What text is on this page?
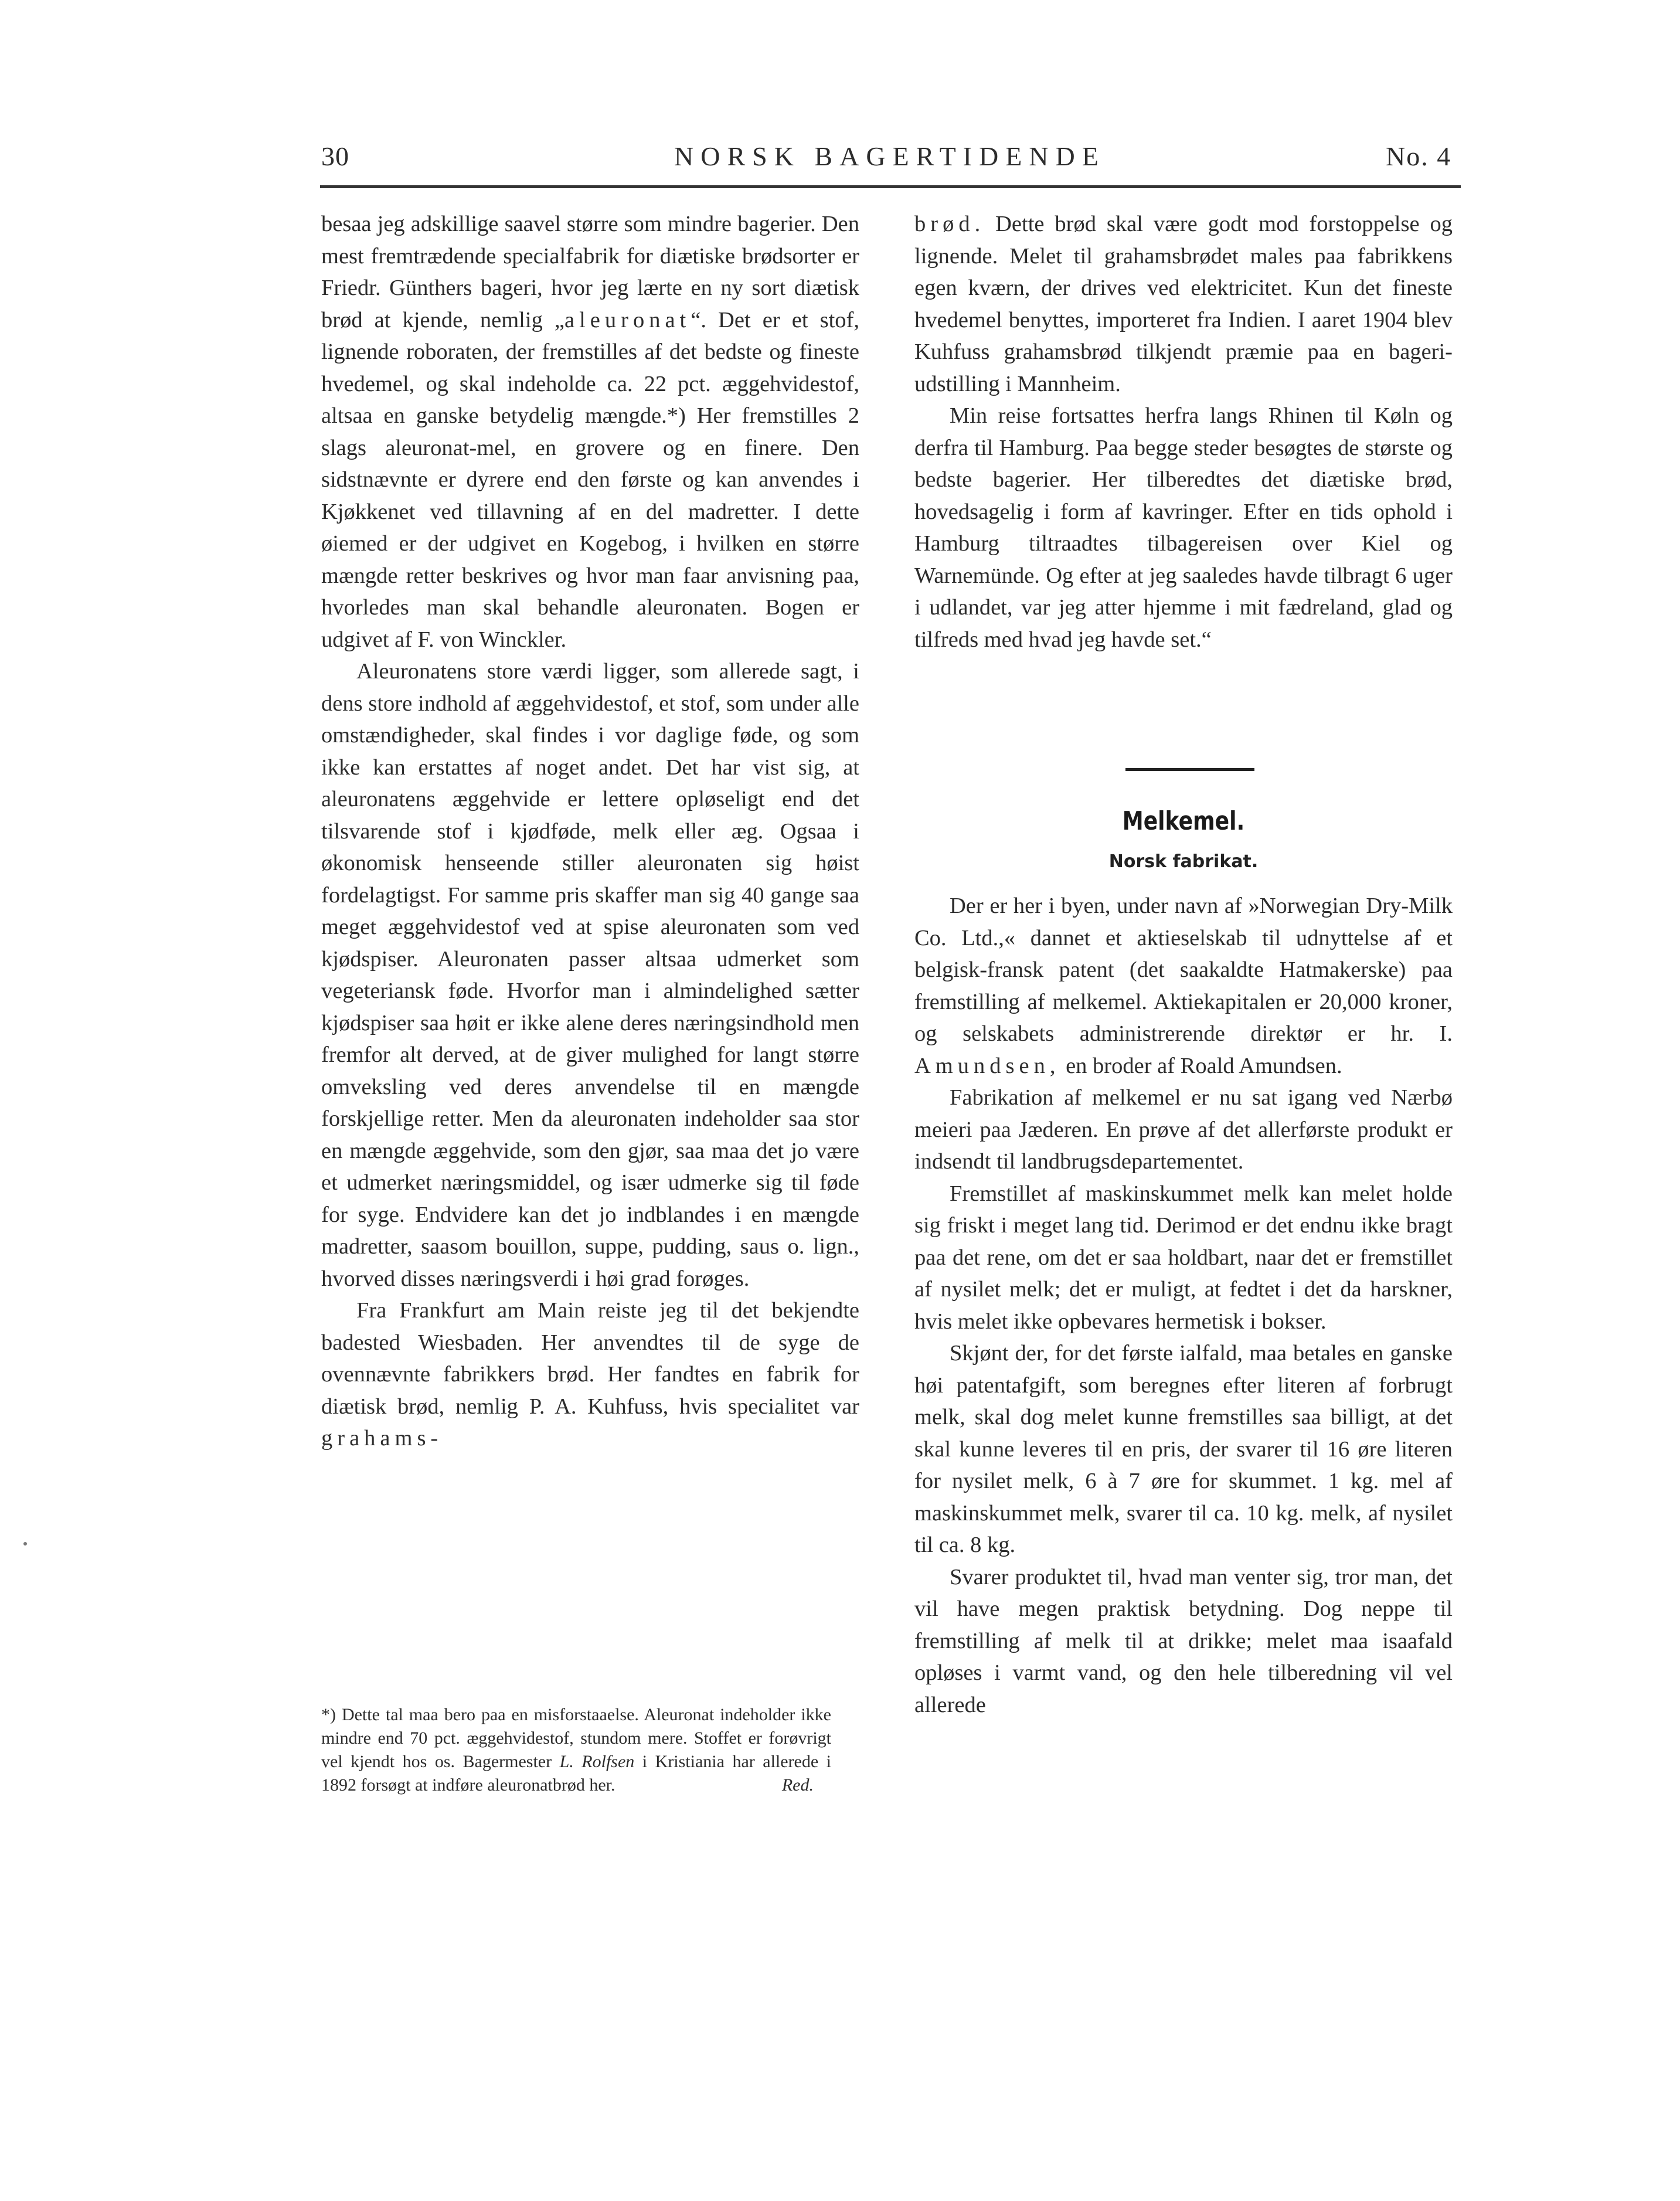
30	NORSK BAGERTIDENDE	No. 4

besaa jeg adskillige saavel større som mindre bagerier. Den mest fremtrædende specialfabrik for diætiske brødsorter er Friedr. Günthers bageri, hvor jeg lærte en ny sort diætisk brød at kjende, nemlig „aleuronat“. Det er et stof, lignende roboraten, der fremstilles af det bedste og fineste hvedemel, og skal indeholde ca. 22 pct. æggehvidestof, altsaa en ganske betydelig mængde.*) Her fremstilles 2 slags aleuronat-mel, en grovere og en finere. Den sidstnævnte er dyrere end den første og kan anvendes i Kjøkkenet ved tillavning af en del madretter. I dette øiemed er der udgivet en Kogebog, i hvilken en større mængde retter beskrives og hvor man faar anvisning paa, hvorledes man skal behandle aleuronaten. Bogen er udgivet af F. von Winckler.

Aleuronatens store værdi ligger, som allerede sagt, i dens store indhold af æggehvidestof, et stof, som under alle omstændigheder, skal findes i vor daglige føde, og som ikke kan erstattes af noget andet. Det har vist sig, at aleuronatens æggehvide er lettere opløseligt end det tilsvarende stof i kjødføde, melk eller æg. Ogsaa i økonomisk henseende stiller aleuronaten sig høist fordelagtigst. For samme pris skaffer man sig 40 gange saa meget æggehvidestof ved at spise aleuronaten som ved kjødspiser. Aleuronaten passer altsaa udmerket som vegeteriansk føde. Hvorfor man i almindelighed sætter kjødspiser saa høit er ikke alene deres næringsindhold men fremfor alt derved, at de giver mulighed for langt større omveksling ved deres anvendelse til en mængde forskjellige retter. Men da aleuronaten indeholder saa stor en mængde æggehvide, som den gjør, saa maa det jo være et udmerket næringsmiddel, og især udmerke sig til føde for syge. Endvidere kan det jo indblandes i en mængde madretter, saasom bouillon, suppe, pudding, saus o. lign., hvorved disses næringsverdi i høi grad forøges.

Fra Frankfurt am Main reiste jeg til det bekjendte badested Wiesbaden. Her anvendtes til de syge de ovennævnte fabrikkers brød. Her fandtes en fabrik for diætisk brød, nemlig P. A. Kuhfuss, hvis specialitet var grahams-

*) Dette tal maa bero paa en misforstaaelse. Aleuronat indeholder ikke mindre end 70 pct. æggehvidestof, stundom mere. Stoffet er forøvrigt vel kjendt hos os. Bagermester L. Rolfsen i Kristiania har allerede i 1892 forsøgt at indføre aleuronatbrød her.	Red.

brød. Dette brød skal være godt mod forstoppelse og lignende. Melet til grahamsbrødet males paa fabrikkens egen kværn, der drives ved elektricitet. Kun det fineste hvedemel benyttes, importeret fra Indien. I aaret 1904 blev Kuhfuss grahamsbrød tilkjendt præmie paa en bageri-udstilling i Mannheim.

Min reise fortsattes herfra langs Rhinen til Køln og derfra til Hamburg. Paa begge steder besøgtes de største og bedste bagerier. Her tilberedtes det diætiske brød, hovedsagelig i form af kavringer. Efter en tids ophold i Hamburg tiltraadtes tilbagereisen over Kiel og Warnemünde. Og efter at jeg saaledes havde tilbragt 6 uger i udlandet, var jeg atter hjemme i mit fædreland, glad og tilfreds med hvad jeg havde set.“

Melkemel.
Norsk fabrikat.

Der er her i byen, under navn af »Norwegian Dry-Milk Co. Ltd.,« dannet et aktieselskab til udnyttelse af et belgisk-fransk patent (det saakaldte Hatmakerske) paa fremstilling af melkemel. Aktiekapitalen er 20,000 kroner, og selskabets administrerende direktør er hr. I. Amundsen, en broder af Roald Amundsen.

Fabrikation af melkemel er nu sat igang ved Nærbø meieri paa Jæderen. En prøve af det allerførste produkt er indsendt til landbrugsdepartementet.

Fremstillet af maskinskummet melk kan melet holde sig friskt i meget lang tid. Derimod er det endnu ikke bragt paa det rene, om det er saa holdbart, naar det er fremstillet af nysilet melk; det er muligt, at fedtet i det da harskner, hvis melet ikke opbevares hermetisk i bokser.

Skjønt der, for det første ialfald, maa betales en ganske høi patentafgift, som beregnes efter literen af forbrugt melk, skal dog melet kunne fremstilles saa billigt, at det skal kunne leveres til en pris, der svarer til 16 øre literen for nysilet melk, 6 à 7 øre for skummet. 1 kg. mel af maskinskummet melk, svarer til ca. 10 kg. melk, af nysilet til ca. 8 kg.

Svarer produktet til, hvad man venter sig, tror man, det vil have megen praktisk betydning. Dog neppe til fremstilling af melk til at drikke; melet maa isaafald opløses i varmt vand, og den hele tilberedning vil vel allerede
